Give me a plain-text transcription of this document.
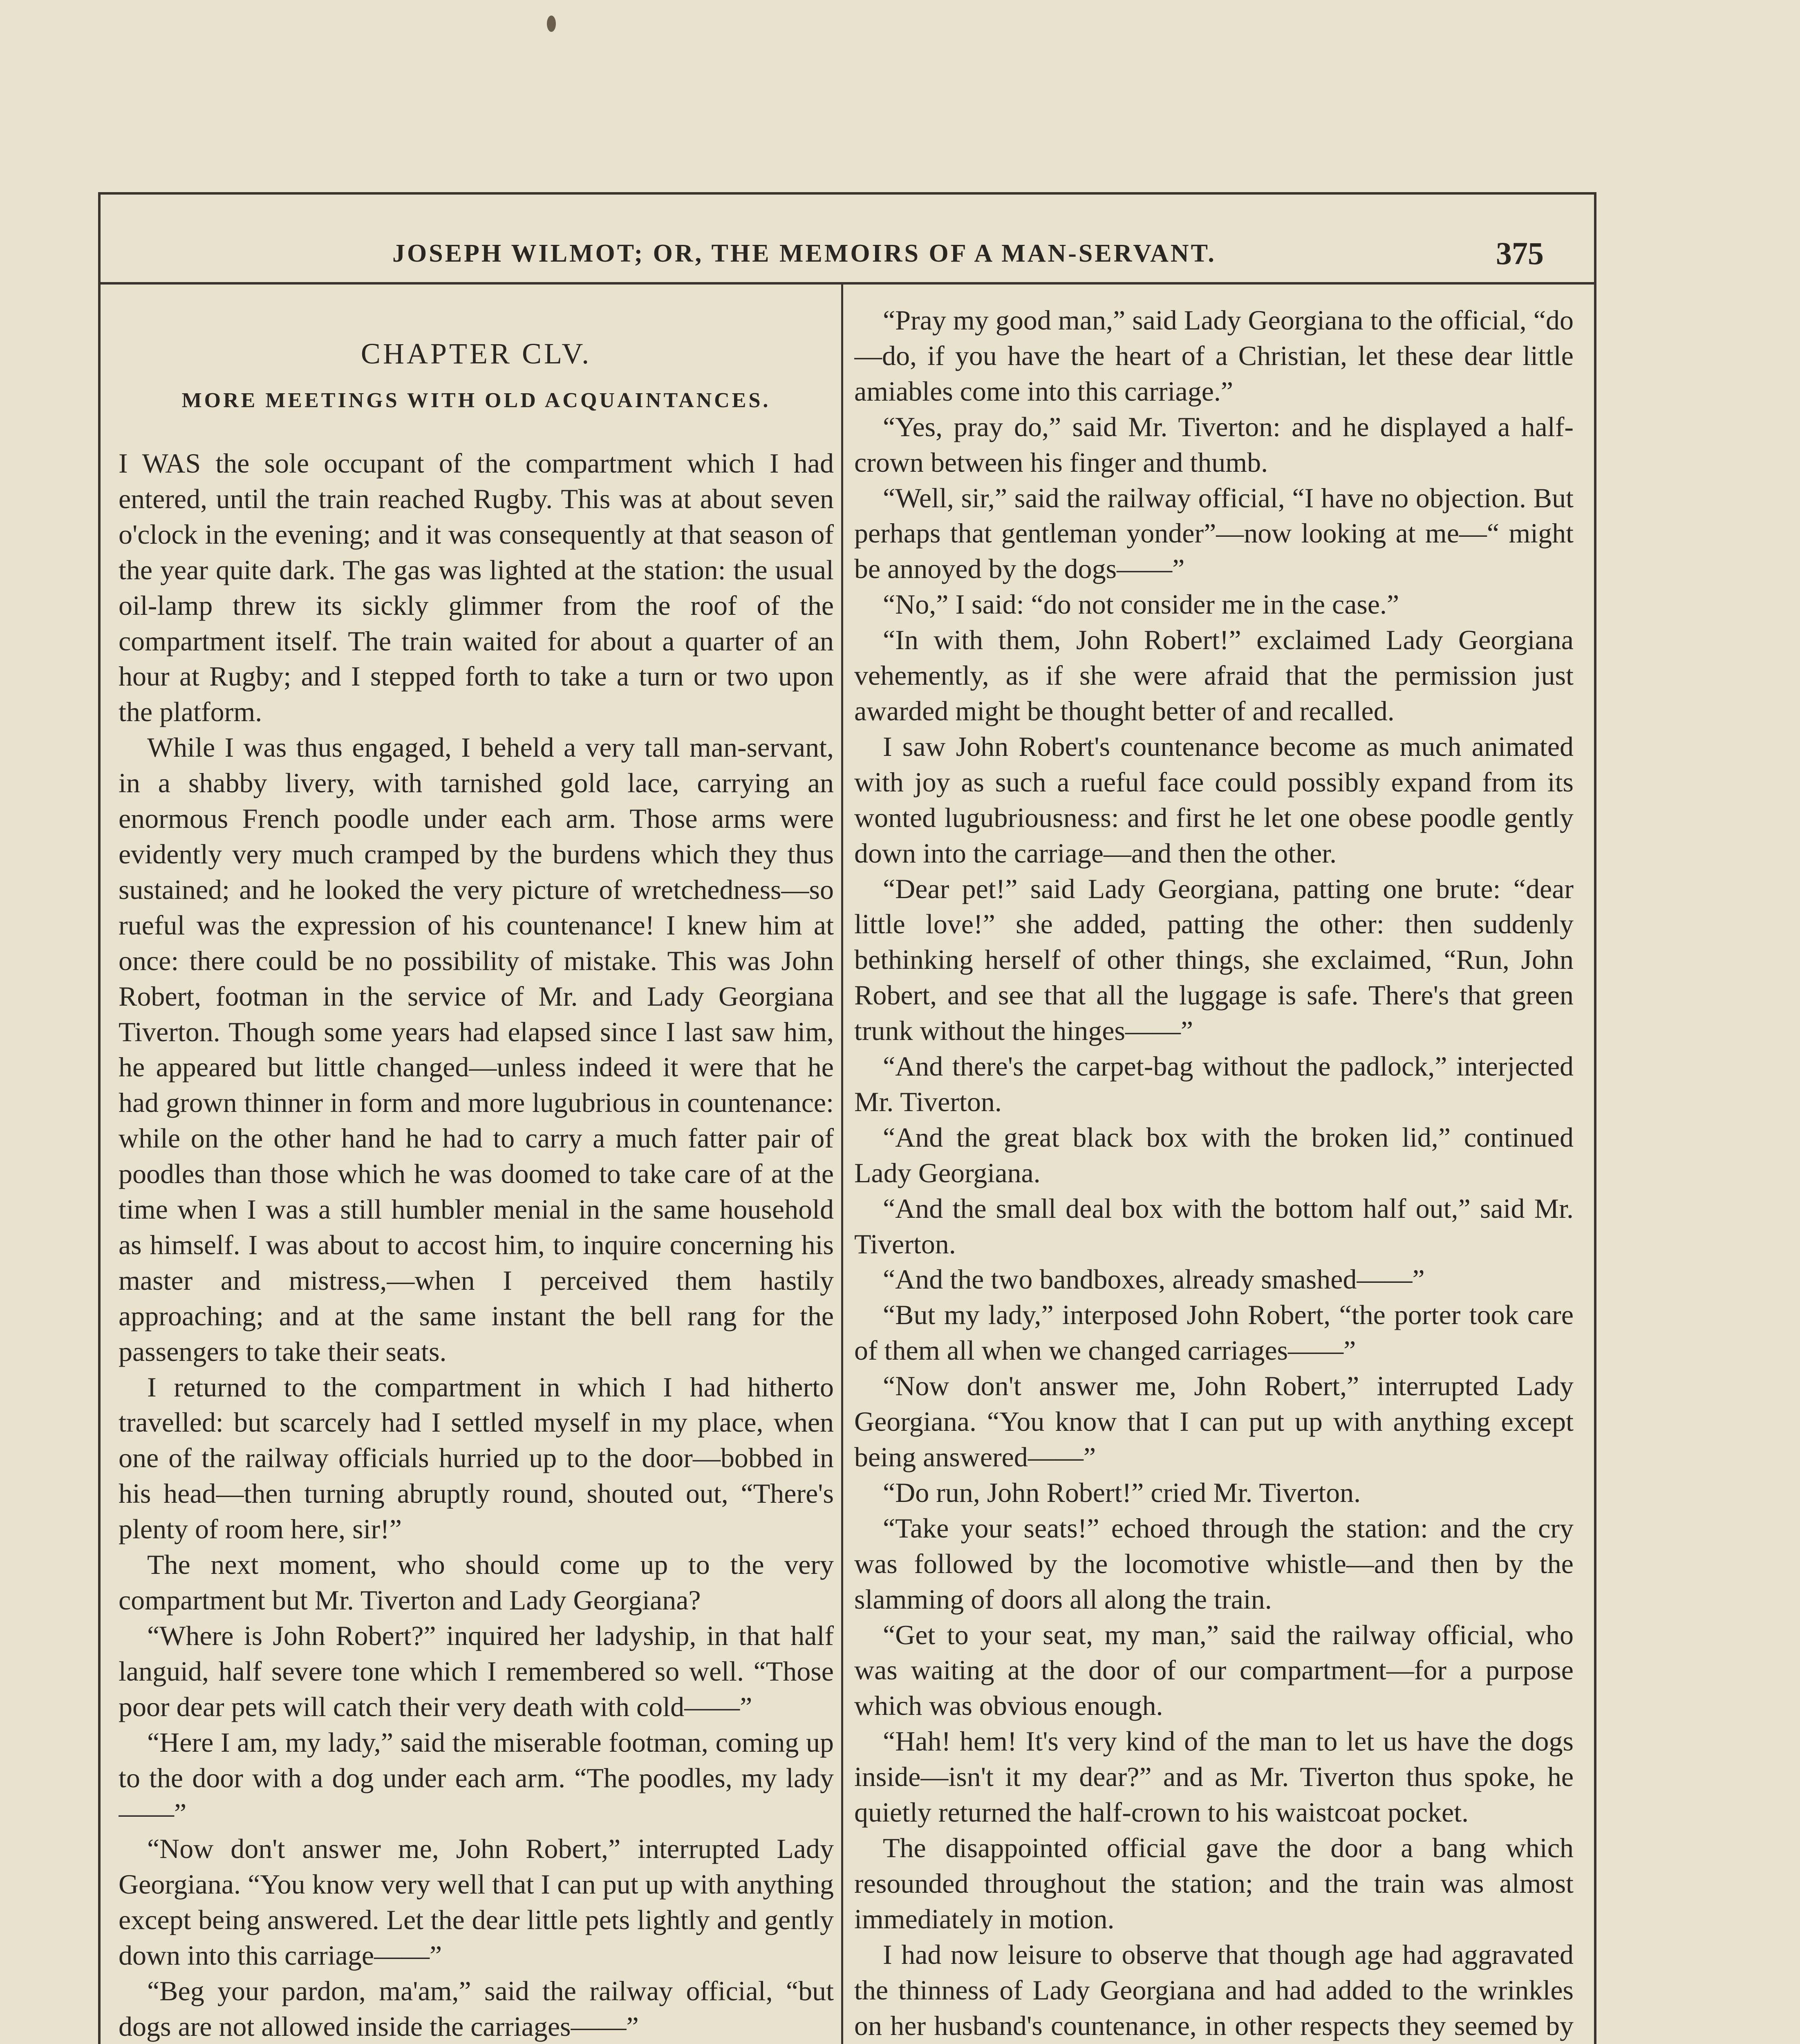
JOSEPH WILMOT; OR, THE MEMOIRS OF A MAN-SERVANT.	375
CHAPTER CLV.
MORE MEETINGS WITH OLD ACQUAINTANCES.

I WAS the sole occupant of the compartment which I had entered, until the train reached Rugby. This was at about seven o'clock in the evening; and it was consequently at that season of the year quite dark. The gas was lighted at the station: the usual oil-lamp threw its sickly glimmer from the roof of the compartment itself. The train waited for about a quarter of an hour at Rugby; and I stepped forth to take a turn or two upon the platform.

While I was thus engaged, I beheld a very tall man-servant, in a shabby livery, with tarnished gold lace, carrying an enormous French poodle under each arm. Those arms were evidently very much cramped by the burdens which they thus sustained; and he looked the very picture of wretchedness—so rueful was the expression of his countenance! I knew him at once: there could be no possibility of mistake. This was John Robert, footman in the service of Mr. and Lady Georgiana Tiverton. Though some years had elapsed since I last saw him, he appeared but little changed—unless indeed it were that he had grown thinner in form and more lugubrious in countenance: while on the other hand he had to carry a much fatter pair of poodles than those which he was doomed to take care of at the time when I was a still humbler menial in the same household as himself. I was about to accost him, to inquire concerning his master and mistress,—when I perceived them hastily approaching; and at the same instant the bell rang for the passengers to take their seats.

I returned to the compartment in which I had hitherto travelled: but scarcely had I settled myself in my place, when one of the railway officials hurried up to the door—bobbed in his head—then turning abruptly round, shouted out, “There's plenty of room here, sir!”

The next moment, who should come up to the very compartment but Mr. Tiverton and Lady Georgiana?

“Where is John Robert?” inquired her ladyship, in that half languid, half severe tone which I remembered so well. “Those poor dear pets will catch their very death with cold——”

“Here I am, my lady,” said the miserable footman, coming up to the door with a dog under each arm. “The poodles, my lady——”

“Now don't answer me, John Robert,” interrupted Lady Georgiana. “You know very well that I can put up with anything except being answered. Let the dear little pets lightly and gently down into this carriage——”

“Beg your pardon, ma'am,” said the railway official, “but dogs are not allowed inside the carriages——”

“Pray my good man,” said Lady Georgiana to the official, “do—do, if you have the heart of a Christian, let these dear little amiables come into this carriage.”

“Yes, pray do,” said Mr. Tiverton: and he displayed a half-crown between his finger and thumb.

“Well, sir,” said the railway official, “I have no objection. But perhaps that gentleman yonder”—now looking at me—“ might be annoyed by the dogs——”

“No,” I said: “do not consider me in the case.”

“In with them, John Robert!” exclaimed Lady Georgiana vehemently, as if she were afraid that the permission just awarded might be thought better of and recalled.

I saw John Robert's countenance become as much animated with joy as such a rueful face could possibly expand from its wonted lugubriousness: and first he let one obese poodle gently down into the carriage—and then the other.

“Dear pet!” said Lady Georgiana, patting one brute: “dear little love!” she added, patting the other: then suddenly bethinking herself of other things, she exclaimed, “Run, John Robert, and see that all the luggage is safe. There's that green trunk without the hinges——”

“And there's the carpet-bag without the padlock,” interjected Mr. Tiverton.

“And the great black box with the broken lid,” continued Lady Georgiana.

“And the small deal box with the bottom half out,” said Mr. Tiverton.

“And the two bandboxes, already smashed——”

“But my lady,” interposed John Robert, “the porter took care of them all when we changed carriages——”

“Now don't answer me, John Robert,” interrupted Lady Georgiana. “You know that I can put up with anything except being answered——”

“Do run, John Robert!” cried Mr. Tiverton.

“Take your seats!” echoed through the station: and the cry was followed by the locomotive whistle—and then by the slamming of doors all along the train.

“Get to your seat, my man,” said the railway official, who was waiting at the door of our compartment—for a purpose which was obvious enough.

“Hah! hem! It's very kind of the man to let us have the dogs inside—isn't it my dear?” and as Mr. Tiverton thus spoke, he quietly returned the half-crown to his waistcoat pocket.

The disappointed official gave the door a bang which resounded throughout the station; and the train was almost immediately in motion.

I had now leisure to observe that though age had aggravated the thinness of Lady Georgiana and had added to the wrinkles on her husband's countenance, in other respects they seemed by
